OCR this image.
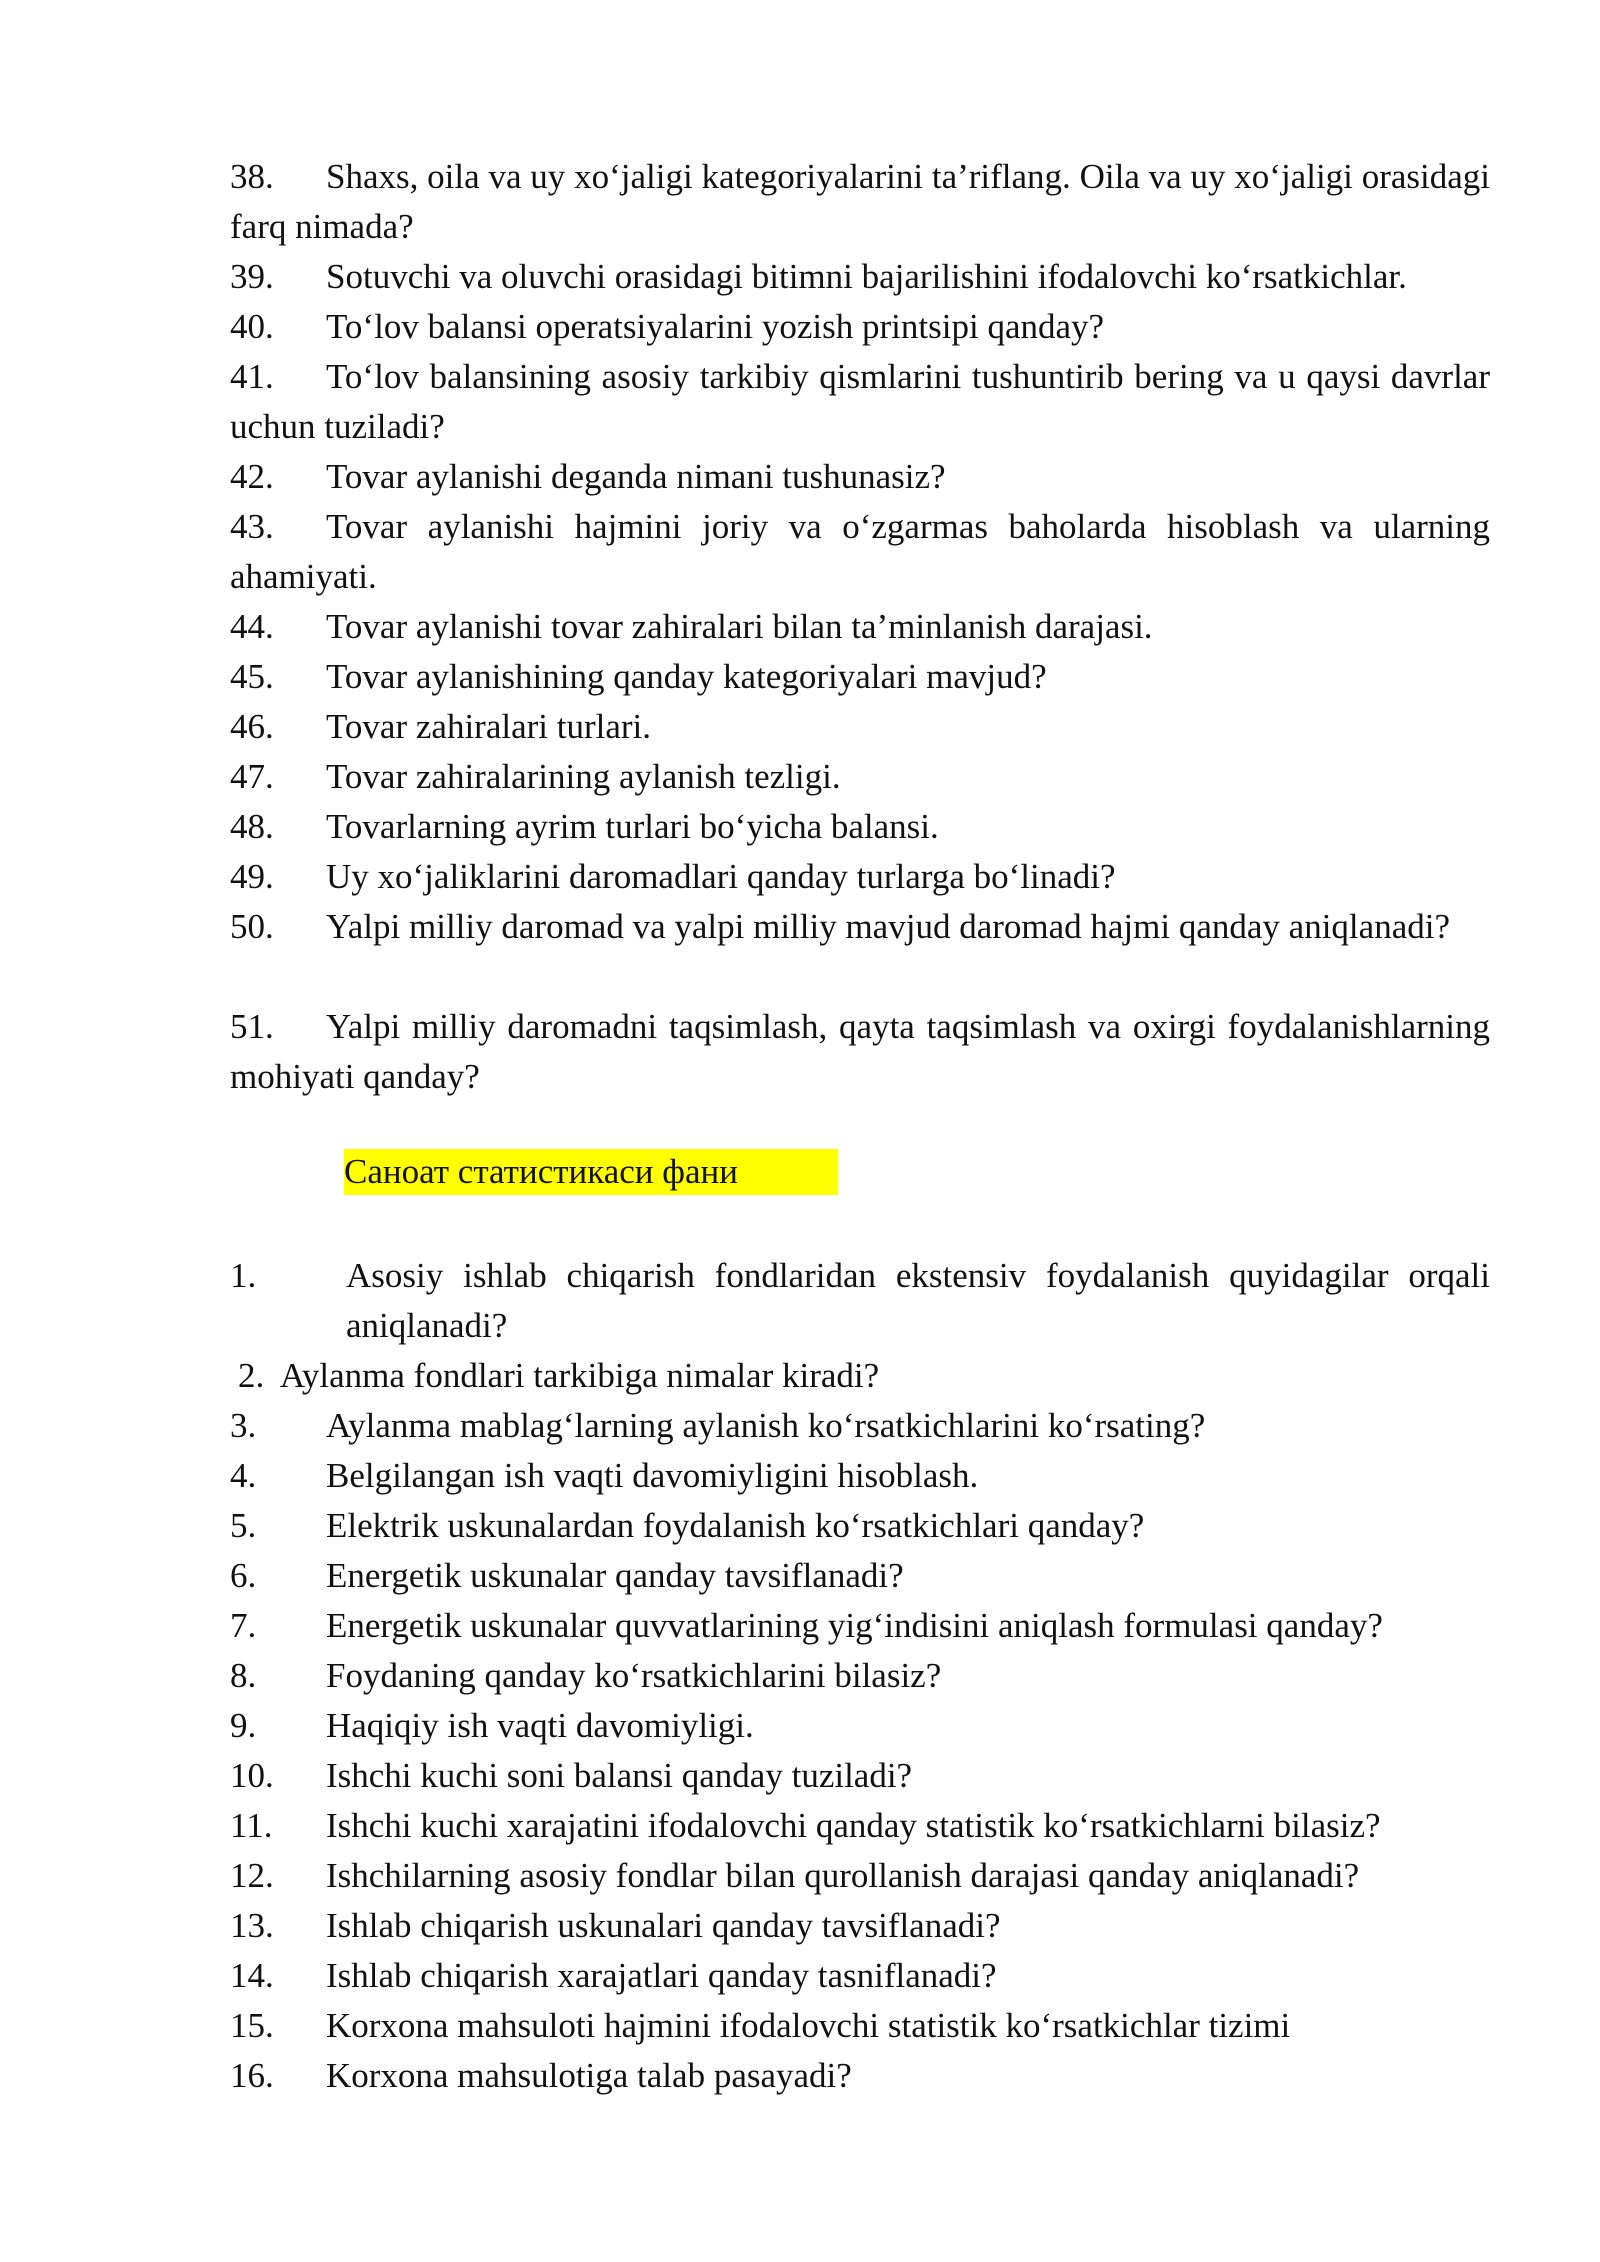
38.	Shaxs, oila va uy xo‘jaligi kategoriyalarini ta’riflang. Oila va uy xo‘jaligi orasidagi farq nimada?
39.	Sotuvchi va oluvchi orasidagi bitimni bajarilishini ifodalovchi ko‘rsatkichlar.
40.	To‘lov balansi operatsiyalarini yozish printsipi qanday?
41.	To‘lov balansining asosiy tarkibiy qismlarini tushuntirib bering va u qaysi davrlar uchun tuziladi?
42.	Tovar aylanishi deganda nimani tushunasiz?
43.	Tovar aylanishi hajmini joriy va o‘zgarmas baholarda hisoblash va ularning ahamiyati.
44.	Tovar aylanishi tovar zahiralari bilan ta’minlanish darajasi.
45.	Tovar aylanishining qanday kategoriyalari mavjud?
46.	Tovar zahiralari turlari.
47.	Tovar zahiralarining aylanish tezligi.
48.	Tovarlarning ayrim turlari bo‘yicha balansi.
49.	Uy xo‘jaliklarini daromadlari qanday turlarga bo‘linadi?
50.	Yalpi milliy daromad va yalpi milliy mavjud daromad hajmi qanday aniqlanadi?
51.	Yalpi milliy daromadni taqsimlash, qayta taqsimlash va oxirgi foydalanishlarning mohiyati qanday?
Саноат статистикаси фани
1.	Asosiy ishlab chiqarish fondlaridan ekstensiv foydalanish quyidagilar orqali aniqlanadi?
2. Aylanma fondlari tarkibiga nimalar kiradi?
3.	Aylanma mablag‘larning aylanish ko‘rsatkichlarini ko‘rsating?
4.	Belgilangan ish vaqti davomiyligini hisoblash.
5.	Elektrik uskunalardan foydalanish ko‘rsatkichlari qanday?
6.	Energetik uskunalar qanday tavsiflanadi?
7.	Energetik uskunalar quvvatlarining yig‘indisini aniqlash formulasi qanday?
8.	Foydaning qanday ko‘rsatkichlarini bilasiz?
9.	Haqiqiy ish vaqti davomiyligi.
10.	Ishchi kuchi soni balansi qanday tuziladi?
11.	Ishchi kuchi xarajatini ifodalovchi qanday statistik ko‘rsatkichlarni bilasiz?
12.	Ishchilarning asosiy fondlar bilan qurollanish darajasi qanday aniqlanadi?
13.	Ishlab chiqarish uskunalari qanday tavsiflanadi?
14.	Ishlab chiqarish xarajatlari qanday tasniflanadi?
15.	Korxona mahsuloti hajmini ifodalovchi statistik ko‘rsatkichlar tizimi
16.	Korxona mahsulotiga talab pasayadi?
